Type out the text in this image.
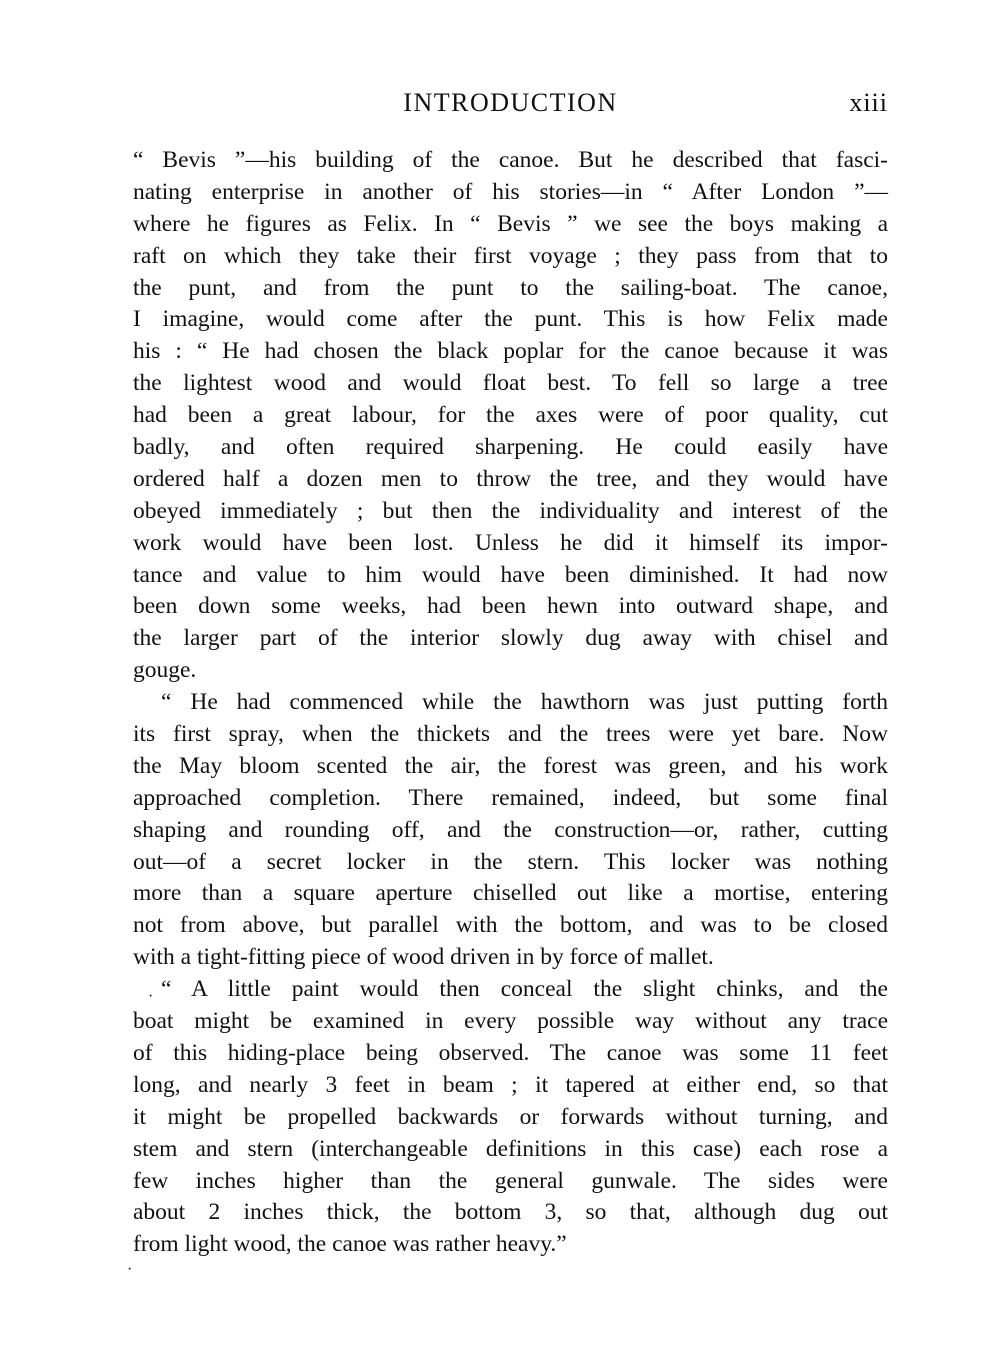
INTRODUCTION	xiii
“ Bevis ”—his building of the canoe. But he described that fasci-
nating enterprise in another of his stories—in “ After London ”—
where he figures as Felix. In “ Bevis ” we see the boys making a
raft on which they take their first voyage ; they pass from that to
the punt, and from the punt to the sailing-boat. The canoe,
I imagine, would come after the punt. This is how Felix made
his : “ He had chosen the black poplar for the canoe because it was
the lightest wood and would float best. To fell so large a tree
had been a great labour, for the axes were of poor quality, cut
badly, and often required sharpening. He could easily have
ordered half a dozen men to throw the tree, and they would have
obeyed immediately ; but then the individuality and interest of the
work would have been lost. Unless he did it himself its impor-
tance and value to him would have been diminished. It had now
been down some weeks, had been hewn into outward shape, and
the larger part of the interior slowly dug away with chisel and
gouge.
“ He had commenced while the hawthorn was just putting forth
its first spray, when the thickets and the trees were yet bare. Now
the May bloom scented the air, the forest was green, and his work
approached completion. There remained, indeed, but some final
shaping and rounding off, and the construction—or, rather, cutting
out—of a secret locker in the stern. This locker was nothing
more than a square aperture chiselled out like a mortise, entering
not from above, but parallel with the bottom, and was to be closed
with a tight-fitting piece of wood driven in by force of mallet.
“ A little paint would then conceal the slight chinks, and the
boat might be examined in every possible way without any trace
of this hiding-place being observed. The canoe was some 11 feet
long, and nearly 3 feet in beam ; it tapered at either end, so that
it might be propelled backwards or forwards without turning, and
stem and stern (interchangeable definitions in this case) each rose a
few inches higher than the general gunwale. The sides were
about 2 inches thick, the bottom 3, so that, although dug out
from light wood, the canoe was rather heavy.”
·
·
